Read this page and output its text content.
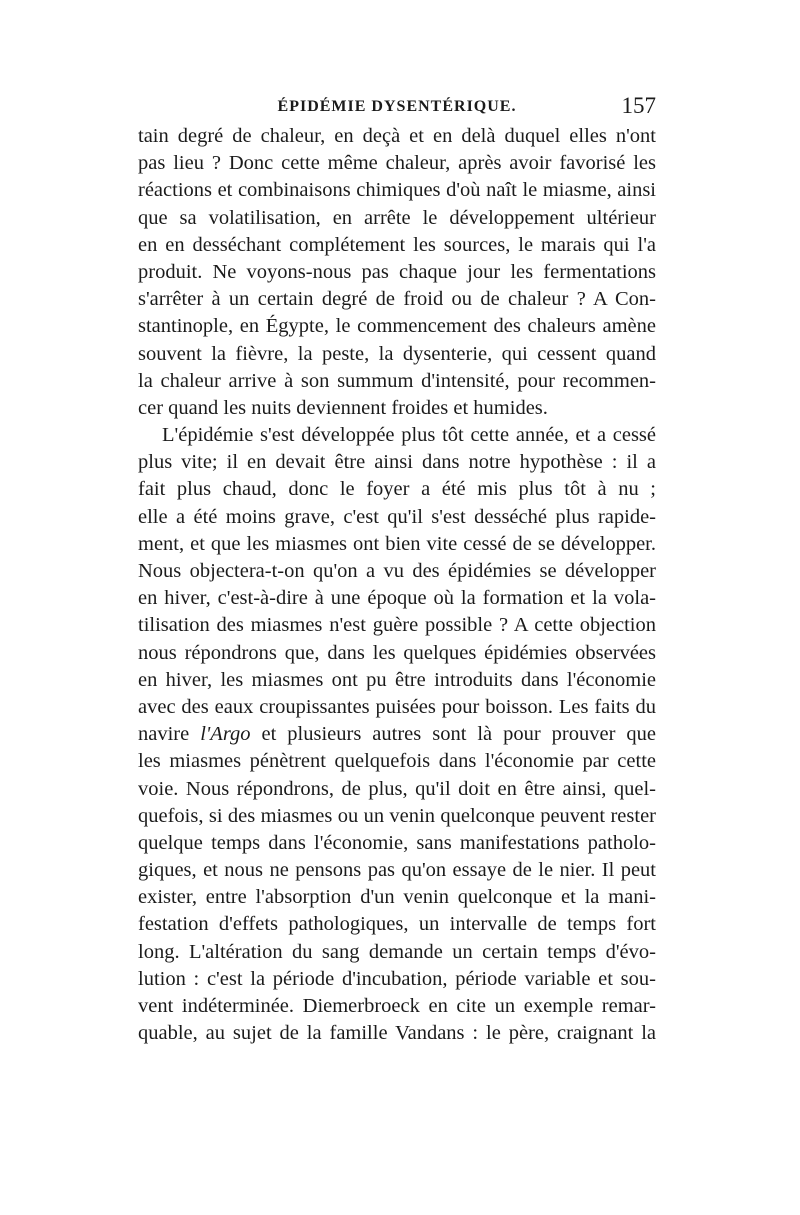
ÉPIDÉMIE DYSENTÉRIQUE.	157
tain degré de chaleur, en deçà et en delà duquel elles n'ont
pas lieu ? Donc cette même chaleur, après avoir favorisé les
réactions et combinaisons chimiques d'où naît le miasme, ainsi
que sa volatilisation, en arrête le développement ultérieur
en en desséchant complétement les sources, le marais qui l'a
produit. Ne voyons-nous pas chaque jour les fermentations
s'arrêter à un certain degré de froid ou de chaleur ? A Con-
stantinople, en Égypte, le commencement des chaleurs amène
souvent la fièvre, la peste, la dysenterie, qui cessent quand
la chaleur arrive à son summum d'intensité, pour recommen-
cer quand les nuits deviennent froides et humides.
L'épidémie s'est développée plus tôt cette année, et a cessé
plus vite; il en devait être ainsi dans notre hypothèse : il a
fait plus chaud, donc le foyer a été mis plus tôt à nu ;
elle a été moins grave, c'est qu'il s'est desséché plus rapide-
ment, et que les miasmes ont bien vite cessé de se développer.
Nous objectera-t-on qu'on a vu des épidémies se développer
en hiver, c'est-à-dire à une époque où la formation et la vola-
tilisation des miasmes n'est guère possible ? A cette objection
nous répondrons que, dans les quelques épidémies observées
en hiver, les miasmes ont pu être introduits dans l'économie
avec des eaux croupissantes puisées pour boisson. Les faits du
navire l'Argo et plusieurs autres sont là pour prouver que
les miasmes pénètrent quelquefois dans l'économie par cette
voie. Nous répondrons, de plus, qu'il doit en être ainsi, quel-
quefois, si des miasmes ou un venin quelconque peuvent rester
quelque temps dans l'économie, sans manifestations patholo-
giques, et nous ne pensons pas qu'on essaye de le nier. Il peut
exister, entre l'absorption d'un venin quelconque et la mani-
festation d'effets pathologiques, un intervalle de temps fort
long. L'altération du sang demande un certain temps d'évo-
lution : c'est la période d'incubation, période variable et sou-
vent indéterminée. Diemerbroeck en cite un exemple remar-
quable, au sujet de la famille Vandans : le père, craignant la
